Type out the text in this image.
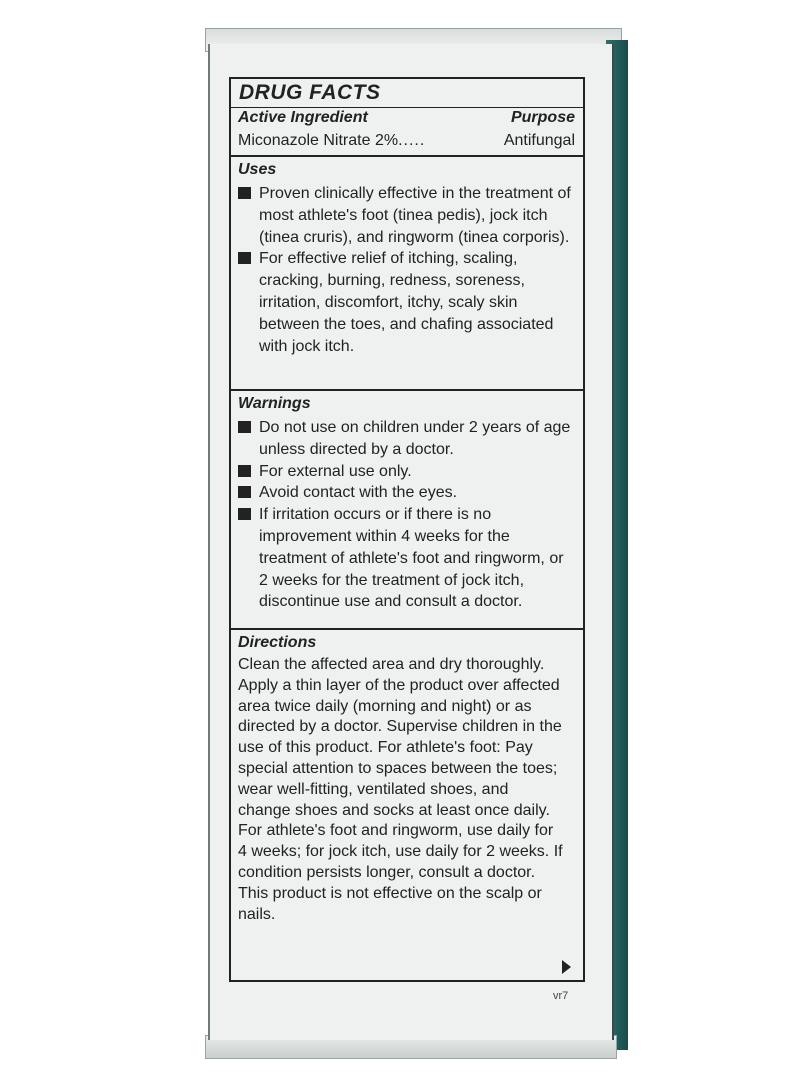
DRUG FACTS
Active Ingredient	Purpose
Miconazole Nitrate 2% .....	Antifungal
Uses
Proven clinically effective in the treatment of most athlete's foot (tinea pedis), jock itch (tinea cruris), and ringworm (tinea corporis).
For effective relief of itching, scaling, cracking, burning, redness, soreness, irritation, discomfort, itchy, scaly skin between the toes, and chafing associated with jock itch.
Warnings
Do not use on children under 2 years of age unless directed by a doctor.
For external use only.
Avoid contact with the eyes.
If irritation occurs or if there is no improvement within 4 weeks for the treatment of athlete's foot and ringworm, or 2 weeks for the treatment of jock itch, discontinue use and consult a doctor.
Directions
Clean the affected area and dry thoroughly. Apply a thin layer of the product over affected area twice daily (morning and night) or as directed by a doctor. Supervise children in the use of this product. For athlete's foot: Pay special attention to spaces between the toes; wear well-fitting, ventilated shoes, and change shoes and socks at least once daily. For athlete's foot and ringworm, use daily for 4 weeks; for jock itch, use daily for 2 weeks. If condition persists longer, consult a doctor. This product is not effective on the scalp or nails.
vr7
